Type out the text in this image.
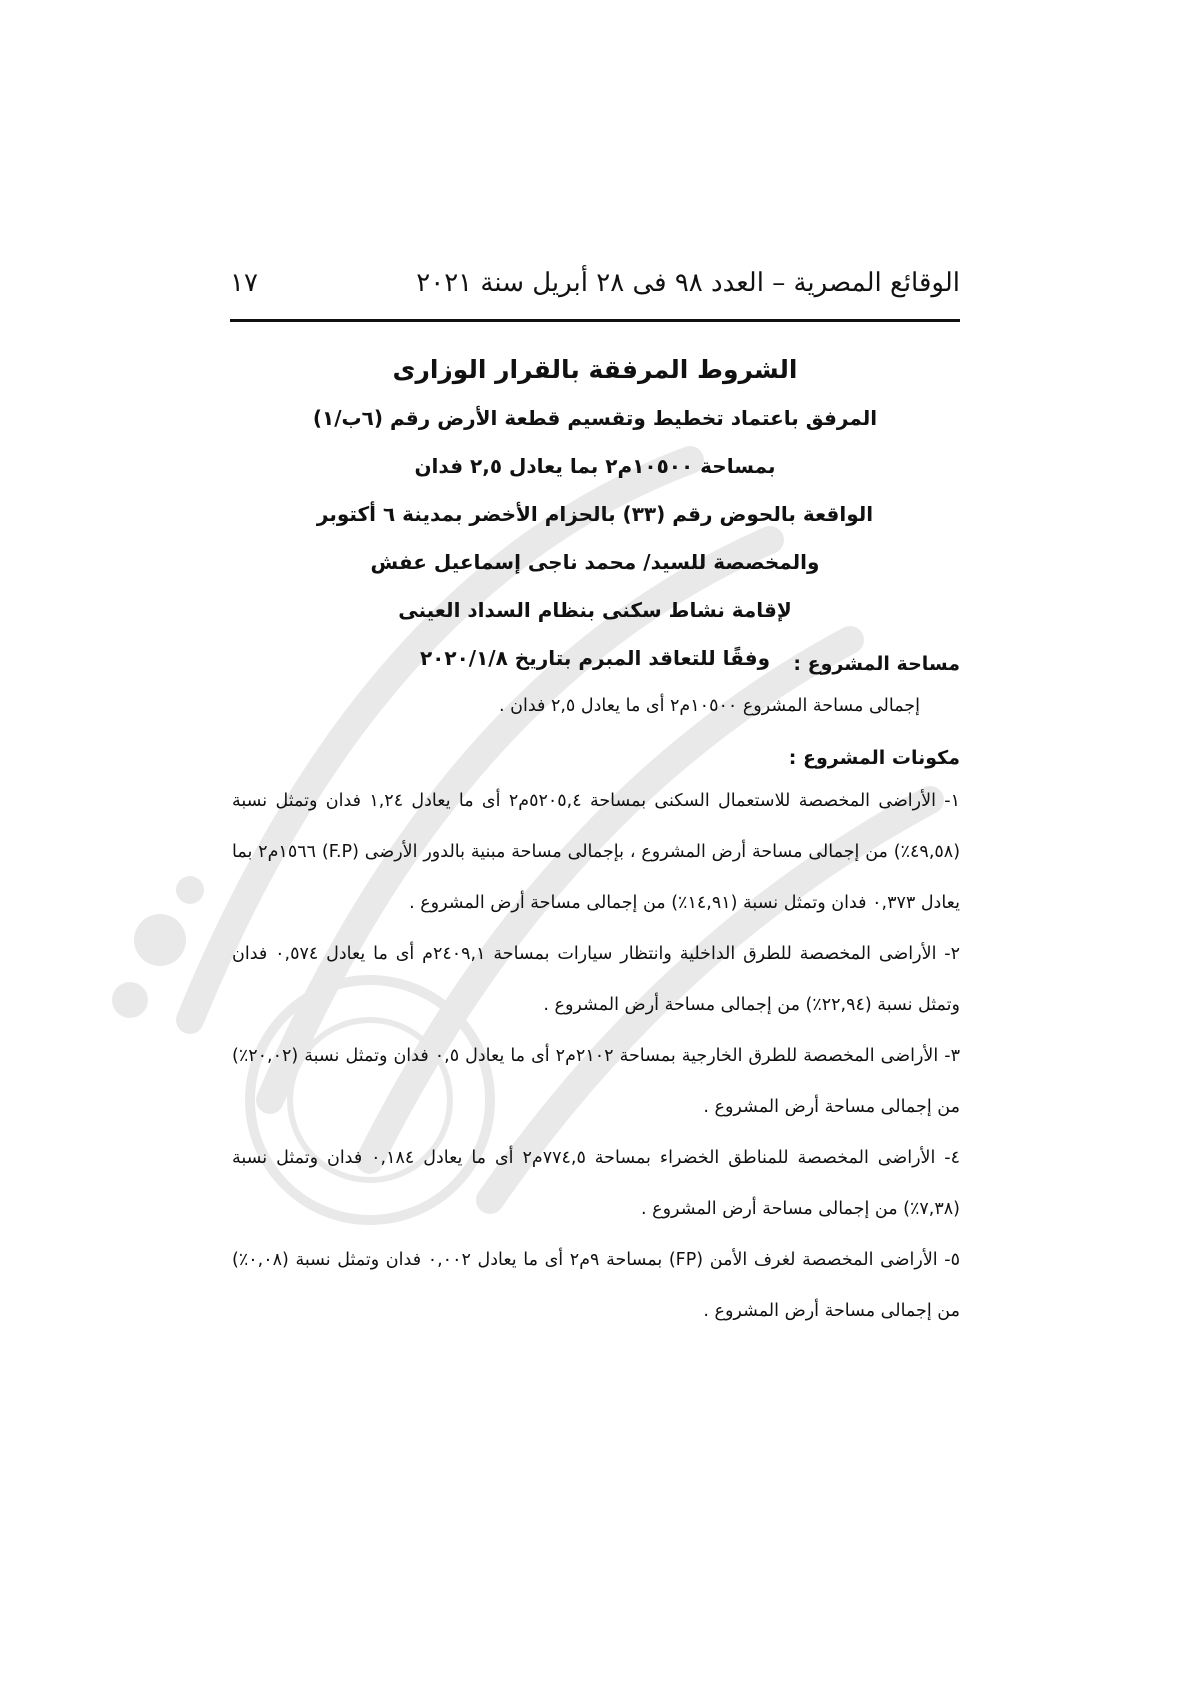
الوقائع المصرية – العدد ٩٨ فى ٢٨ أبريل سنة ٢٠٢١
١٧
الشروط المرفقة بالقرار الوزارى
المرفق باعتماد تخطيط وتقسيم قطعة الأرض رقم (٦ب/١)
بمساحة ١٠٥٠٠م٢ بما يعادل ٢,٥ فدان
الواقعة بالحوض رقم (٣٣) بالحزام الأخضر بمدينة ٦ أكتوبر
والمخصصة للسيد/ محمد ناجى إسماعيل عفش
لإقامة نشاط سكنى بنظام السداد العينى
وفقًا للتعاقد المبرم بتاريخ ٢٠٢٠/١/٨	مساحة المشروع :
إجمالى مساحة المشروع ١٠٥٠٠م٢ أى ما يعادل ٢,٥ فدان .
مكونات المشروع :
١- الأراضى المخصصة للاستعمال السكنى بمساحة ٥٢٠٥,٤م٢ أى ما يعادل ١,٢٤ فدان وتمثل نسبة (٤٩,٥٨٪) من إجمالى مساحة أرض المشروع ، بإجمالى مساحة مبنية بالدور الأرضى (F.P) ١٥٦٦م٢ بما يعادل ٠,٣٧٣ فدان وتمثل نسبة (١٤,٩١٪) من إجمالى مساحة أرض المشروع .
٢- الأراضى المخصصة للطرق الداخلية وانتظار سيارات بمساحة ٢٤٠٩,١م أى ما يعادل ٠,٥٧٤ فدان وتمثل نسبة (٢٢,٩٤٪) من إجمالى مساحة أرض المشروع .
٣- الأراضى المخصصة للطرق الخارجية بمساحة ٢١٠٢م٢ أى ما يعادل ٠,٥ فدان وتمثل نسبة (٢٠,٠٢٪) من إجمالى مساحة أرض المشروع .
٤- الأراضى المخصصة للمناطق الخضراء بمساحة ٧٧٤,٥م٢ أى ما يعادل ٠,١٨٤ فدان وتمثل نسبة (٧,٣٨٪) من إجمالى مساحة أرض المشروع .
٥- الأراضى المخصصة لغرف الأمن (FP) بمساحة ٩م٢ أى ما يعادل ٠,٠٠٢ فدان وتمثل نسبة (٠,٠٨٪) من إجمالى مساحة أرض المشروع .
